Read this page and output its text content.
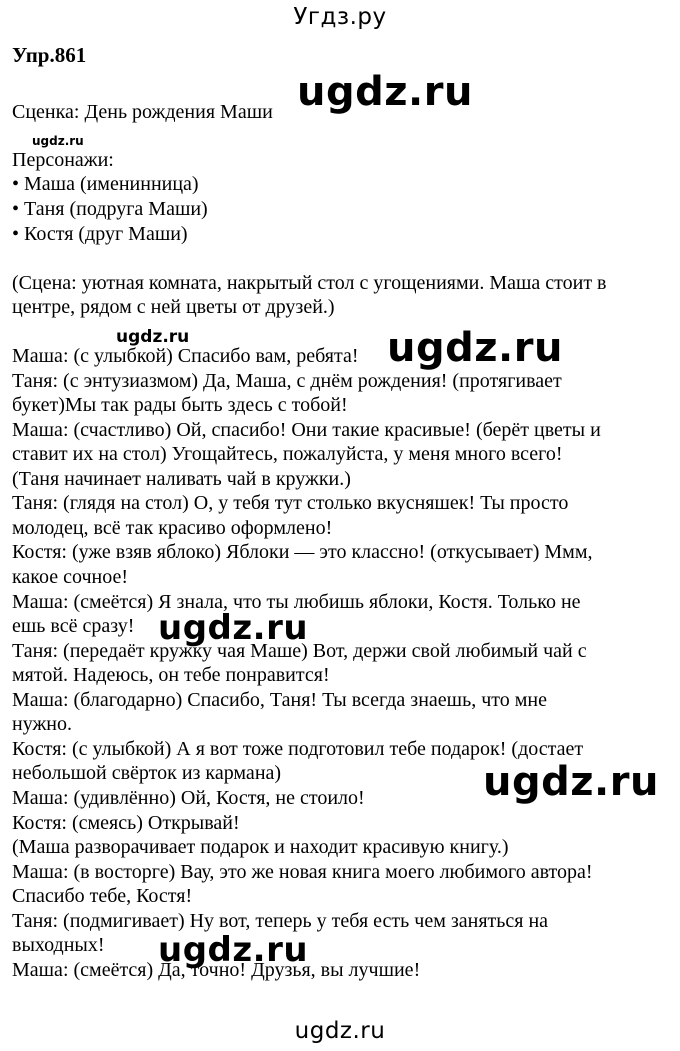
Угдз.ру
Упр.861
Сценка: День рождения Маши
Персонажи:
• Маша (именинница)
• Таня (подруга Маши)
• Костя (друг Маши)
(Сцена: уютная комната, накрытый стол с угощениями. Маша стоит в
центре, рядом с ней цветы от друзей.)
Маша: (с улыбкой) Спасибо вам, ребята!
Таня: (с энтузиазмом) Да, Маша, с днём рождения! (протягивает
букет)Мы так рады быть здесь с тобой!
Маша: (счастливо) Ой, спасибо! Они такие красивые! (берёт цветы и
ставит их на стол) Угощайтесь, пожалуйста, у меня много всего!
(Таня начинает наливать чай в кружки.)
Таня: (глядя на стол) О, у тебя тут столько вкусняшек! Ты просто
молодец, всё так красиво оформлено!
Костя: (уже взяв яблоко) Яблоки — это классно! (откусывает) Ммм,
какое сочное!
Маша: (смеётся) Я знала, что ты любишь яблоки, Костя. Только не
ешь всё сразу!
Таня: (передаёт кружку чая Маше) Вот, держи свой любимый чай с
мятой. Надеюсь, он тебе понравится!
Маша: (благодарно) Спасибо, Таня! Ты всегда знаешь, что мне
нужно.
Костя: (с улыбкой) А я вот тоже подготовил тебе подарок! (достает
небольшой свёрток из кармана)
Маша: (удивлённо) Ой, Костя, не стоило!
Костя: (смеясь) Открывай!
(Маша разворачивает подарок и находит красивую книгу.)
Маша: (в восторге) Вау, это же новая книга моего любимого автора!
Спасибо тебе, Костя!
Таня: (подмигивает) Ну вот, теперь у тебя есть чем заняться на
выходных!
Маша: (смеётся) Да, точно! Друзья, вы лучшие!
ugdz.ru
ugdz.ru
ugdz.ru	ugdz.ru
ugdz.ru
ugdz.ru
ugdz.ru
ugdz.ru
